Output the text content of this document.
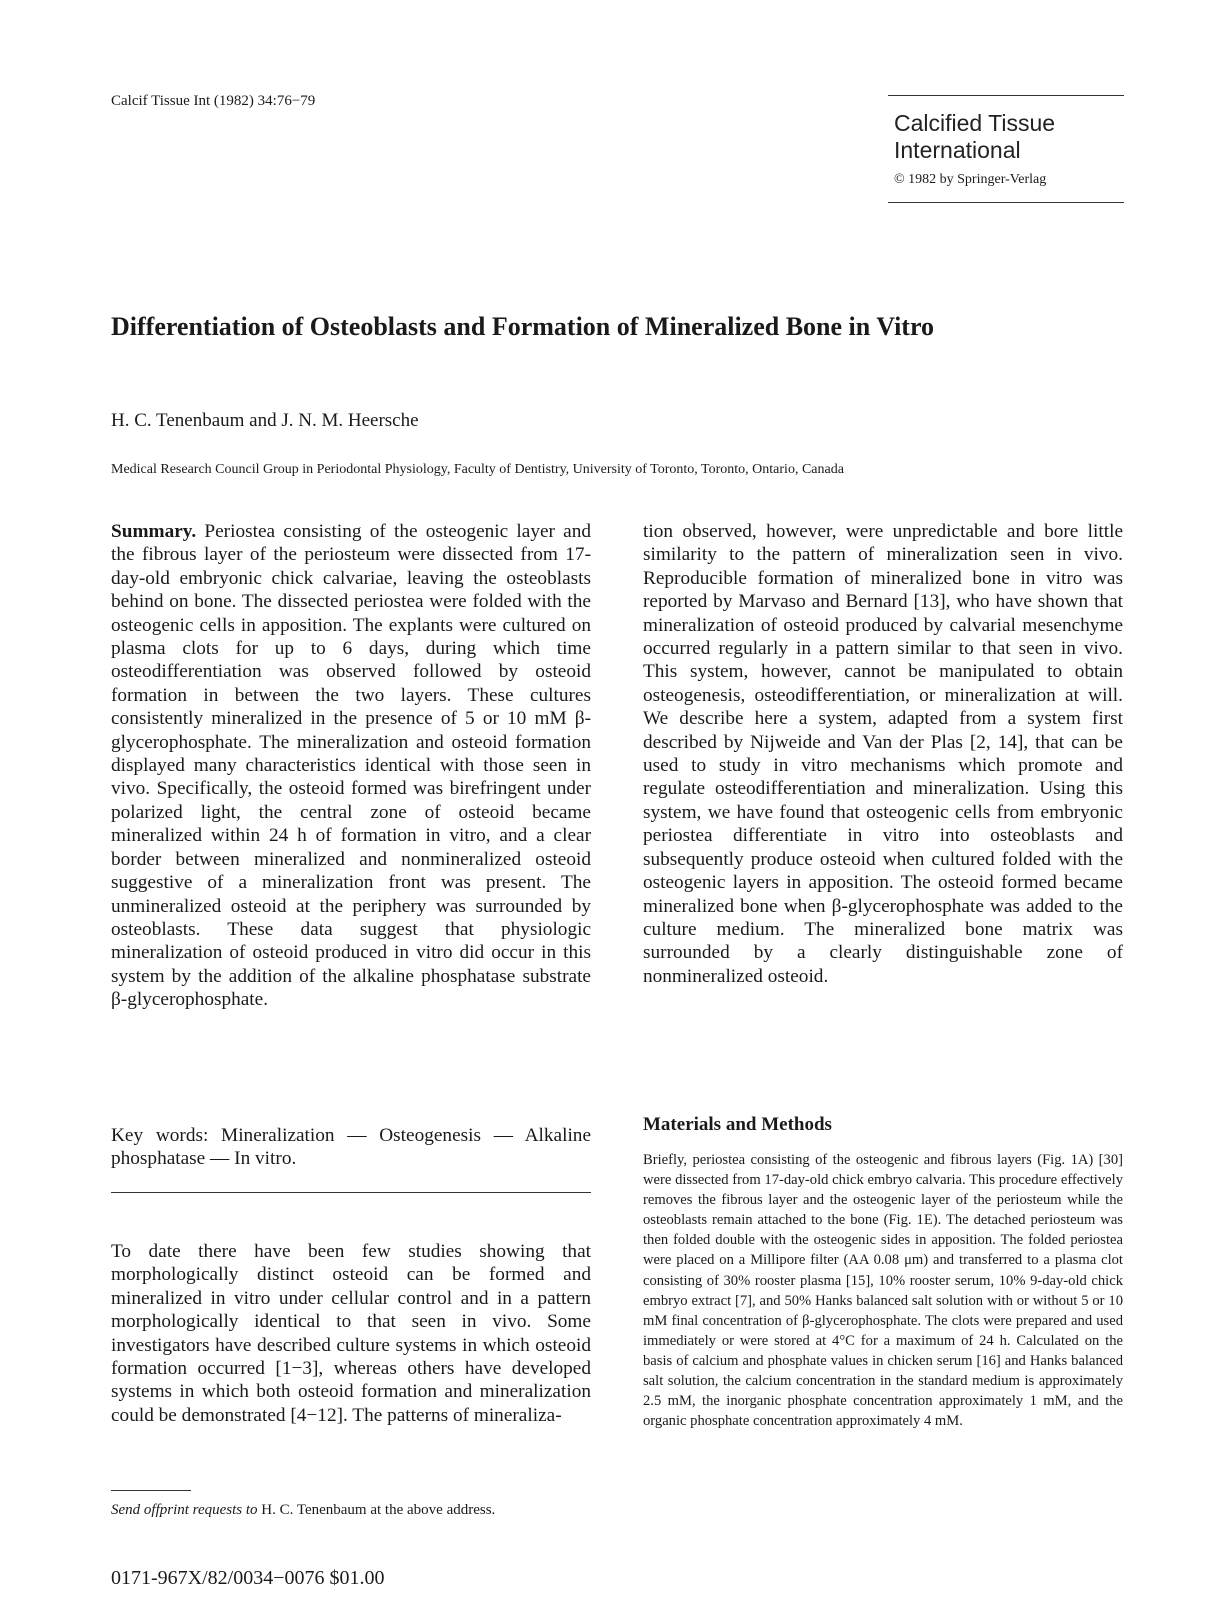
Calcif Tissue Int (1982) 34:76−79
Calcified Tissue
International
© 1982 by Springer-Verlag
Differentiation of Osteoblasts and Formation of Mineralized Bone in Vitro
H. C. Tenenbaum and J. N. M. Heersche
Medical Research Council Group in Periodontal Physiology, Faculty of Dentistry, University of Toronto, Toronto, Ontario, Canada
Summary. Periostea consisting of the osteogenic layer and the fibrous layer of the periosteum were dissected from 17-day-old embryonic chick calvariae, leaving the osteoblasts behind on bone. The dissected periostea were folded with the osteogenic cells in apposition. The explants were cultured on plasma clots for up to 6 days, during which time osteodifferentiation was observed followed by osteoid formation in between the two layers. These cultures consistently mineralized in the presence of 5 or 10 mM β-glycerophosphate. The mineralization and osteoid formation displayed many characteristics identical with those seen in vivo. Specifically, the osteoid formed was birefringent under polarized light, the central zone of osteoid became mineralized within 24 h of formation in vitro, and a clear border between mineralized and nonmineralized osteoid suggestive of a mineralization front was present. The unmineralized osteoid at the periphery was surrounded by osteoblasts. These data suggest that physiologic mineralization of osteoid produced in vitro did occur in this system by the addition of the alkaline phosphatase substrate β-glycerophosphate.
Key words: Mineralization — Osteogenesis — Alkaline phosphatase — In vitro.
To date there have been few studies showing that morphologically distinct osteoid can be formed and mineralized in vitro under cellular control and in a pattern morphologically identical to that seen in vivo. Some investigators have described culture systems in which osteoid formation occurred [1−3], whereas others have developed systems in which both osteoid formation and mineralization could be demonstrated [4−12]. The patterns of mineraliza-
tion observed, however, were unpredictable and bore little similarity to the pattern of mineralization seen in vivo. Reproducible formation of mineralized bone in vitro was reported by Marvaso and Bernard [13], who have shown that mineralization of osteoid produced by calvarial mesenchyme occurred regularly in a pattern similar to that seen in vivo. This system, however, cannot be manipulated to obtain osteogenesis, osteodifferentiation, or mineralization at will. We describe here a system, adapted from a system first described by Nijweide and Van der Plas [2, 14], that can be used to study in vitro mechanisms which promote and regulate osteodifferentiation and mineralization. Using this system, we have found that osteogenic cells from embryonic periostea differentiate in vitro into osteoblasts and subsequently produce osteoid when cultured folded with the osteogenic layers in apposition. The osteoid formed became mineralized bone when β-glycerophosphate was added to the culture medium. The mineralized bone matrix was surrounded by a clearly distinguishable zone of nonmineralized osteoid.
Materials and Methods
Briefly, periostea consisting of the osteogenic and fibrous layers (Fig. 1A) [30] were dissected from 17-day-old chick embryo calvaria. This procedure effectively removes the fibrous layer and the osteogenic layer of the periosteum while the osteoblasts remain attached to the bone (Fig. 1E). The detached periosteum was then folded double with the osteogenic sides in apposition. The folded periostea were placed on a Millipore filter (AA 0.08 μm) and transferred to a plasma clot consisting of 30% rooster plasma [15], 10% rooster serum, 10% 9-day-old chick embryo extract [7], and 50% Hanks balanced salt solution with or without 5 or 10 mM final concentration of β-glycerophosphate. The clots were prepared and used immediately or were stored at 4°C for a maximum of 24 h. Calculated on the basis of calcium and phosphate values in chicken serum [16] and Hanks balanced salt solution, the calcium concentration in the standard medium is approximately 2.5 mM, the inorganic phosphate concentration approximately 1 mM, and the organic phosphate concentration approximately 4 mM.
Send offprint requests to H. C. Tenenbaum at the above address.
0171-967X/82/0034−0076 $01.00
